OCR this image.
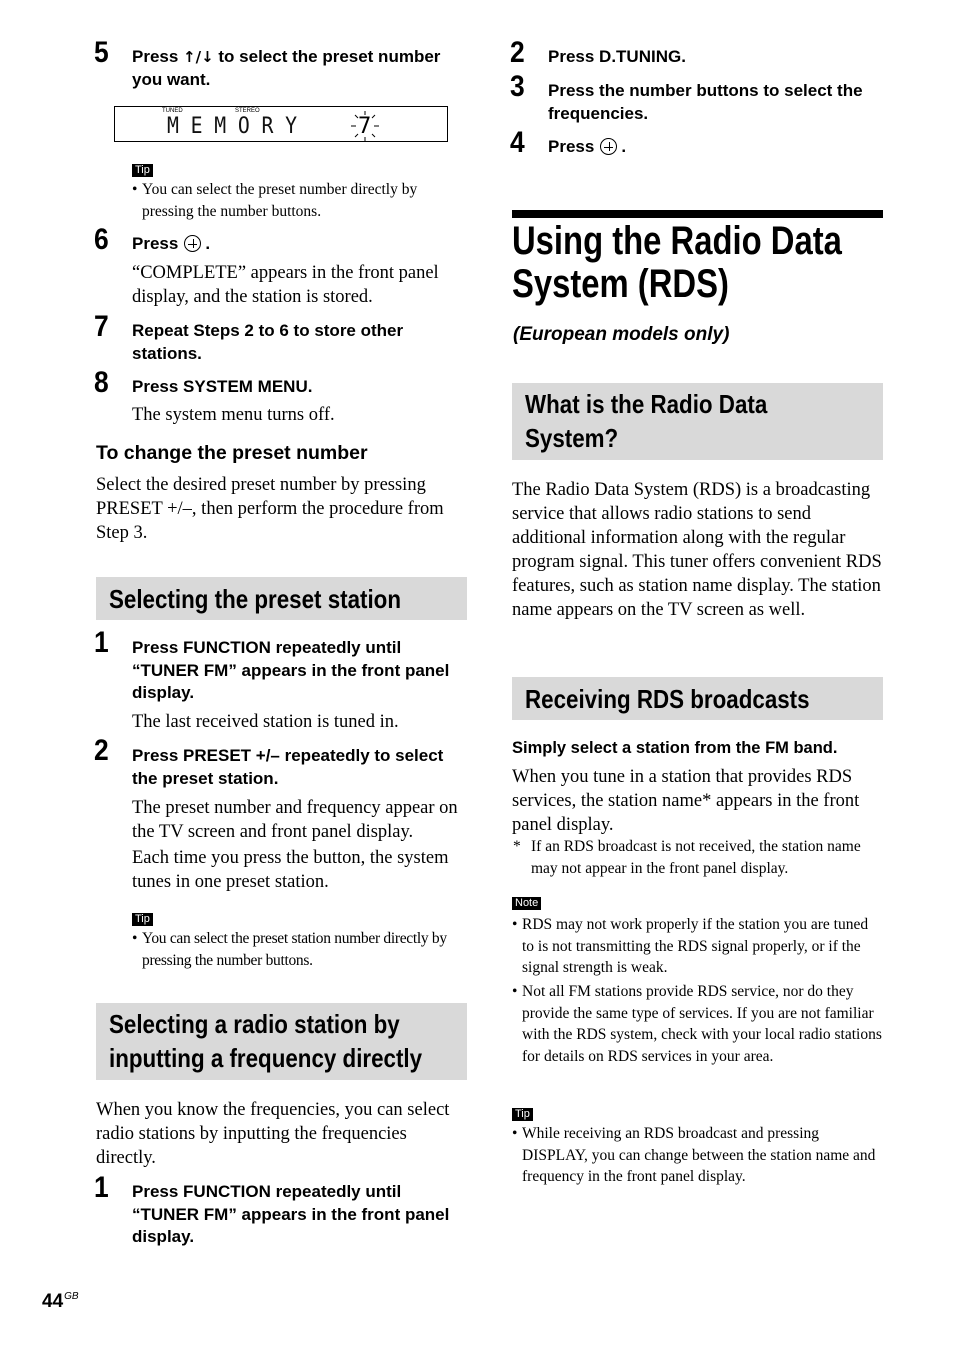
5 Press ↑/↓ to select the preset number you want.
TUNED	STEREO
MEMORY 7
Tip
• You can select the preset number directly by pressing the number buttons.
6 Press .
“COMPLETE” appears in the front panel display, and the station is stored.
7 Repeat Steps 2 to 6 to store other stations.
8 Press SYSTEM MENU.
The system menu turns off.
To change the preset number
Select the desired preset number by pressing PRESET +/–, then perform the procedure from Step 3.
Selecting the preset station
1 Press FUNCTION repeatedly until “TUNER FM” appears in the front panel display.
The last received station is tuned in.
2 Press PRESET +/– repeatedly to select the preset station.
The preset number and frequency appear on the TV screen and front panel display.
Each time you press the button, the system tunes in one preset station.
Tip
• You can select the preset station number directly by pressing the number buttons.
Selecting a radio station by
inputting a frequency directly
When you know the frequencies, you can select radio stations by inputting the frequencies directly.
1 Press FUNCTION repeatedly until “TUNER FM” appears in the front panel display.
2 Press D.TUNING.
3 Press the number buttons to select the frequencies.
4 Press .
Using the Radio Data
System (RDS)
(European models only)
What is the Radio Data
System?
The Radio Data System (RDS) is a broadcasting service that allows radio stations to send additional information along with the regular program signal. This tuner offers convenient RDS features, such as station name display. The station name appears on the TV screen as well.
Receiving RDS broadcasts
Simply select a station from the FM band.
When you tune in a station that provides RDS services, the station name* appears in the front panel display.
* If an RDS broadcast is not received, the station name may not appear in the front panel display.
Note
• RDS may not work properly if the station you are tuned to is not transmitting the RDS signal properly, or if the signal strength is weak.
• Not all FM stations provide RDS service, nor do they provide the same type of services. If you are not familiar with the RDS system, check with your local radio stations for details on RDS services in your area.
Tip
• While receiving an RDS broadcast and pressing DISPLAY, you can change between the station name and frequency in the front panel display.
$44^{GB}$
